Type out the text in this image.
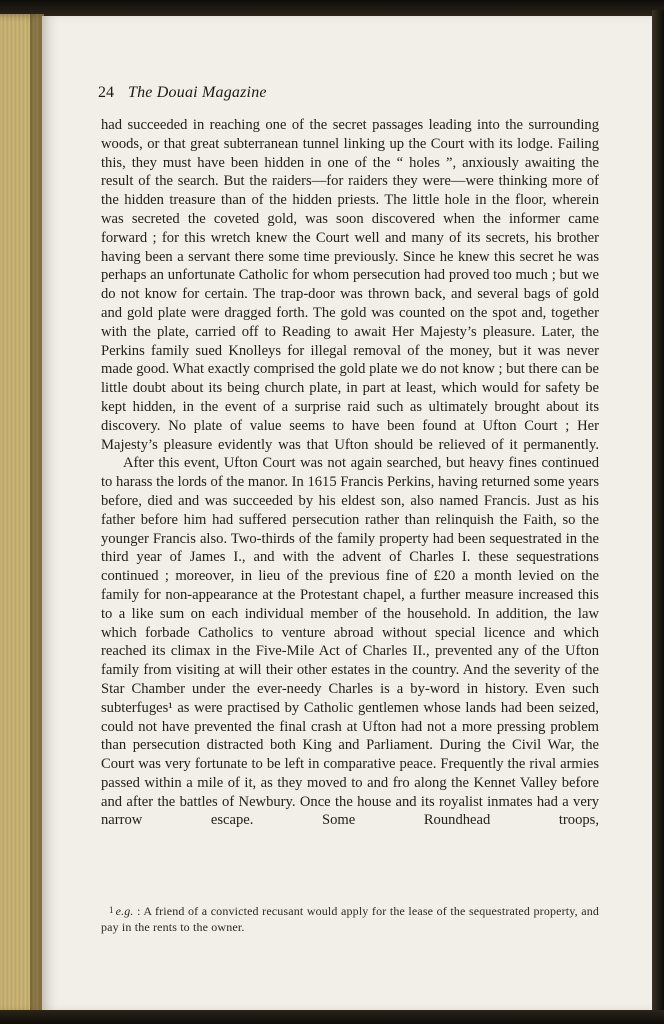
24 The Douai Magazine

had succeeded in reaching one of the secret passages leading into the surrounding woods, or that great subterranean tunnel linking up the Court with its lodge. Failing this, they must have been hidden in one of the “ holes ”, anxiously awaiting the result of the search. But the raiders—for raiders they were—were thinking more of the hidden treasure than of the hidden priests. The little hole in the floor, wherein was secreted the coveted gold, was soon discovered when the informer came forward ; for this wretch knew the Court well and many of its secrets, his brother having been a servant there some time previously. Since he knew this secret he was perhaps an unfortunate Catholic for whom persecution had proved too much ; but we do not know for certain. The trap-door was thrown back, and several bags of gold and gold plate were dragged forth. The gold was counted on the spot and, together with the plate, carried off to Reading to await Her Majesty’s pleasure. Later, the Perkins family sued Knolleys for illegal removal of the money, but it was never made good. What exactly comprised the gold plate we do not know ; but there can be little doubt about its being church plate, in part at least, which would for safety be kept hidden, in the event of a surprise raid such as ultimately brought about its discovery. No plate of value seems to have been found at Ufton Court ; Her Majesty’s pleasure evidently was that Ufton should be relieved of it permanently.

After this event, Ufton Court was not again searched, but heavy fines continued to harass the lords of the manor. In 1615 Francis Perkins, having returned some years before, died and was succeeded by his eldest son, also named Francis. Just as his father before him had suffered persecution rather than relinquish the Faith, so the younger Francis also. Two-thirds of the family property had been sequestrated in the third year of James I., and with the advent of Charles I. these sequestrations continued ; moreover, in lieu of the previous fine of £20 a month levied on the family for non-appearance at the Protestant chapel, a further measure increased this to a like sum on each individual member of the household. In addition, the law which forbade Catholics to venture abroad without special licence and which reached its climax in the Five-Mile Act of Charles II., prevented any of the Ufton family from visiting at will their other estates in the country. And the severity of the Star Chamber under the ever-needy Charles is a by-word in history. Even such subterfuges¹ as were practised by Catholic gentlemen whose lands had been seized, could not have prevented the final crash at Ufton had not a more pressing problem than persecution distracted both King and Parliament. During the Civil War, the Court was very fortunate to be left in comparative peace. Frequently the rival armies passed within a mile of it, as they moved to and fro along the Kennet Valley before and after the battles of Newbury. Once the house and its royalist inmates had a very narrow escape. Some Roundhead troops,

$^1$ e.g. : A friend of a convicted recusant would apply for the lease of the sequestrated property, and pay in the rents to the owner.
